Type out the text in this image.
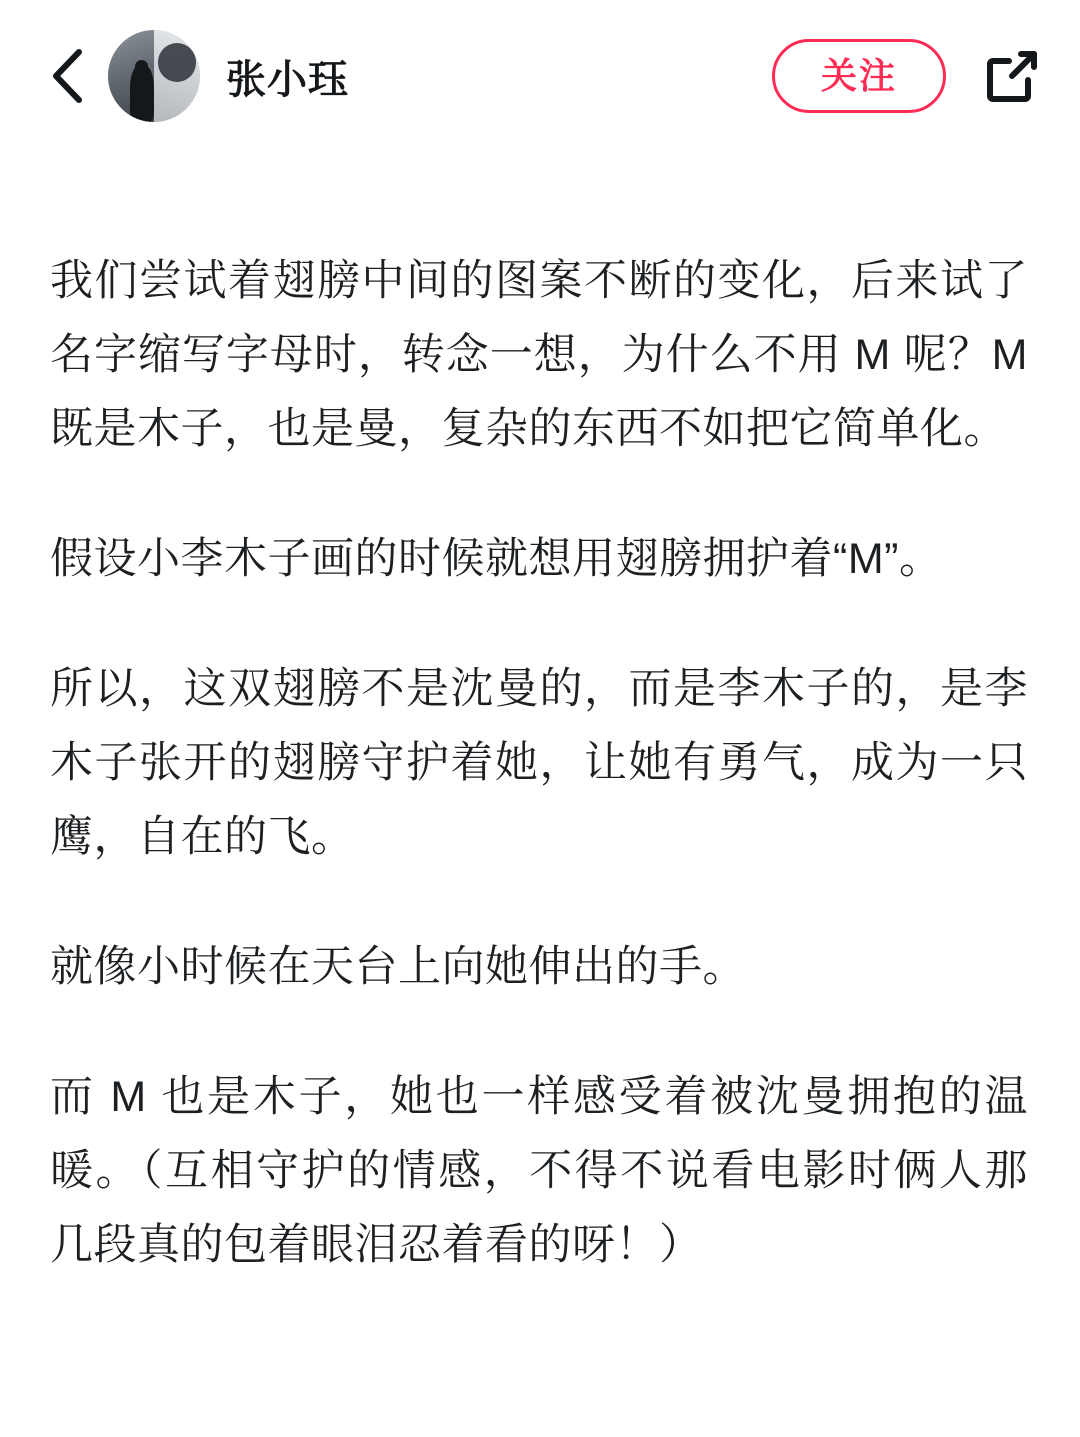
张小珏	关注

我们尝试着翅膀中间的图案不断的变化，后来试了名字缩写字母时，转念一想，为什么不用 M 呢？M 既是木子，也是曼，复杂的东西不如把它简单化。

假设小李木子画的时候就想用翅膀拥护着“M”。

所以，这双翅膀不是沈曼的，而是李木子的，是李木子张开的翅膀守护着她，让她有勇气，成为一只鹰，自在的飞。

就像小时候在天台上向她伸出的手。

而 M 也是木子，她也一样感受着被沈曼拥抱的温暖。（互相守护的情感，不得不说看电影时俩人那几段真的包着眼泪忍着看的呀！）
